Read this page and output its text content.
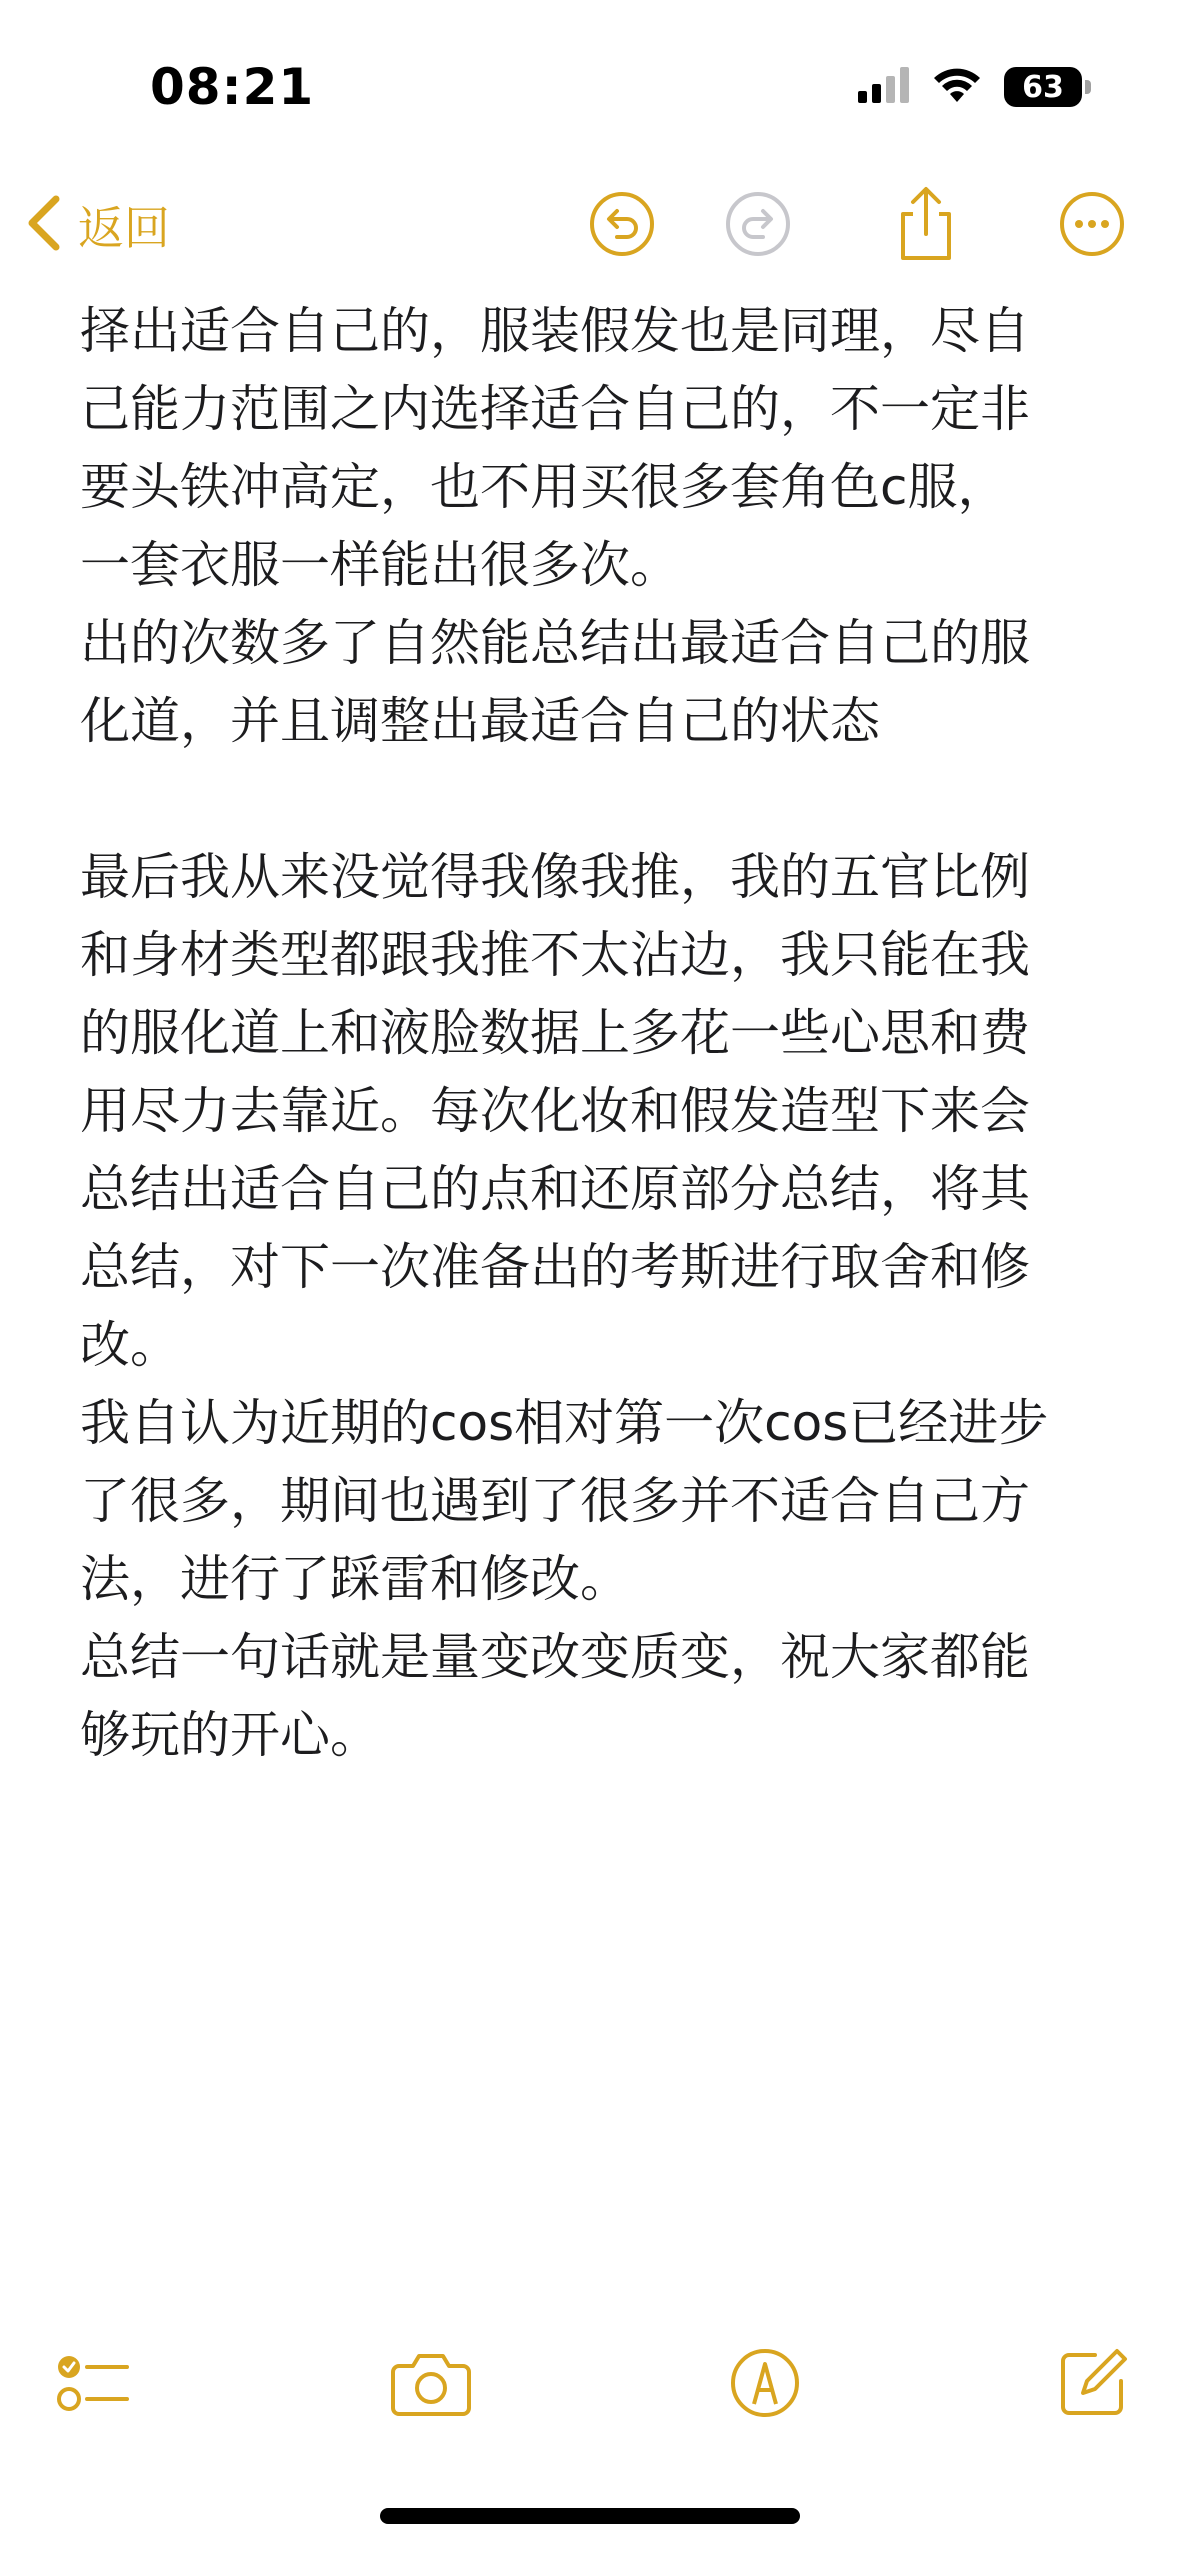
08:21	63
返回
择出适合自己的，服装假发也是同理，尽自
己能力范围之内选择适合自己的，不一定非
要头铁冲高定，也不用买很多套角色c服，
一套衣服一样能出很多次。
出的次数多了自然能总结出最适合自己的服
化道，并且调整出最适合自己的状态
最后我从来没觉得我像我推，我的五官比例
和身材类型都跟我推不太沾边，我只能在我
的服化道上和液脸数据上多花一些心思和费
用尽力去靠近。每次化妆和假发造型下来会
总结出适合自己的点和还原部分总结，将其
总结，对下一次准备出的考斯进行取舍和修
改。
我自认为近期的cos相对第一次cos已经进步
了很多，期间也遇到了很多并不适合自己方
法，进行了踩雷和修改。
总结一句话就是量变改变质变，祝大家都能
够玩的开心。
